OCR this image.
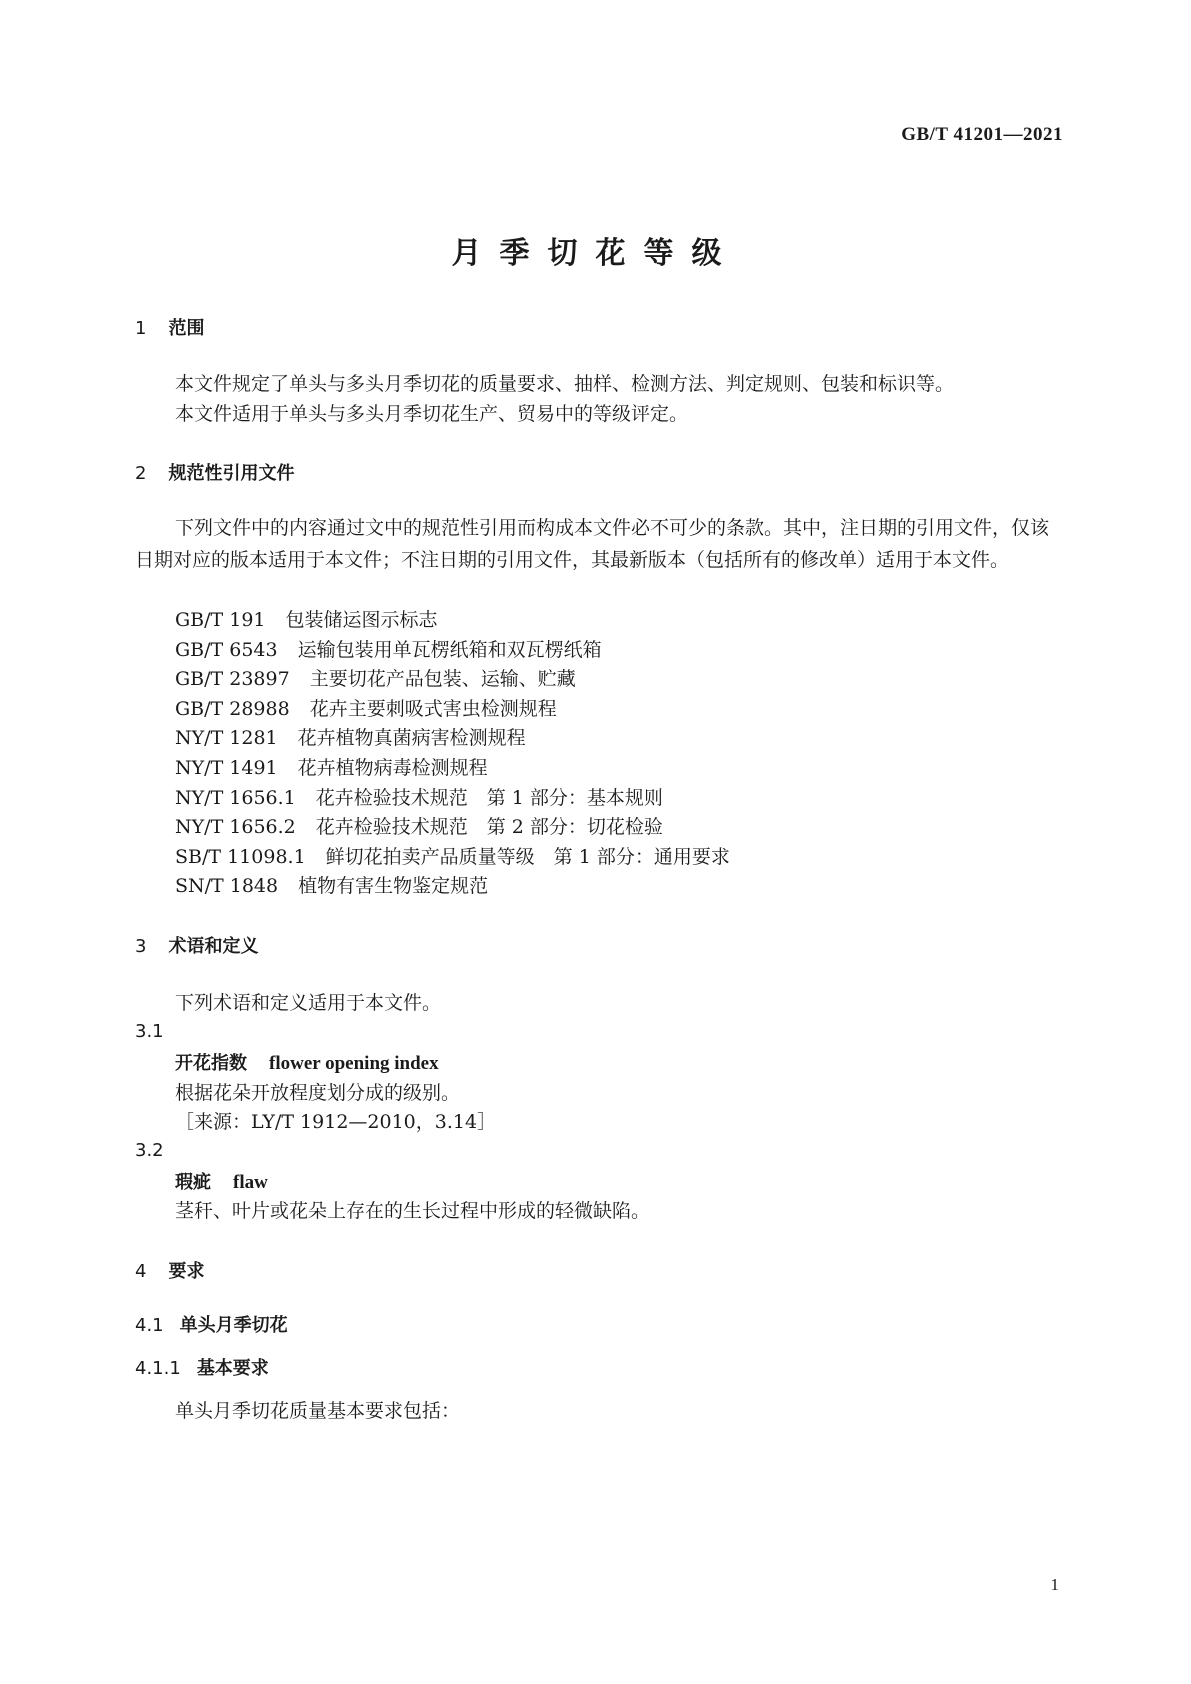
GB/T 41201—2021
月季切花等级
1 范围
本文件规定了单头与多头月季切花的质量要求、抽样、检测方法、判定规则、包装和标识等。
本文件适用于单头与多头月季切花生产、贸易中的等级评定。
2 规范性引用文件
下列文件中的内容通过文中的规范性引用而构成本文件必不可少的条款。其中，注日期的引用文件，仅该日期对应的版本适用于本文件；不注日期的引用文件，其最新版本（包括所有的修改单）适用于本文件。
GB/T 191 包装储运图示标志
GB/T 6543 运输包装用单瓦楞纸箱和双瓦楞纸箱
GB/T 23897 主要切花产品包装、运输、贮藏
GB/T 28988 花卉主要刺吸式害虫检测规程
NY/T 1281 花卉植物真菌病害检测规程
NY/T 1491 花卉植物病毒检测规程
NY/T 1656.1 花卉检验技术规范　第 1 部分：基本规则
NY/T 1656.2 花卉检验技术规范　第 2 部分：切花检验
SB/T 11098.1 鲜切花拍卖产品质量等级　第 1 部分：通用要求
SN/T 1848 植物有害生物鉴定规范
3 术语和定义
下列术语和定义适用于本文件。
3.1
开花指数 flower opening index
根据花朵开放程度划分成的级别。
［来源：LY/T 1912—2010，3.14］
3.2
瑕疵 flaw
茎秆、叶片或花朵上存在的生长过程中形成的轻微缺陷。
4 要求
4.1 单头月季切花
4.1.1 基本要求
单头月季切花质量基本要求包括：
1
